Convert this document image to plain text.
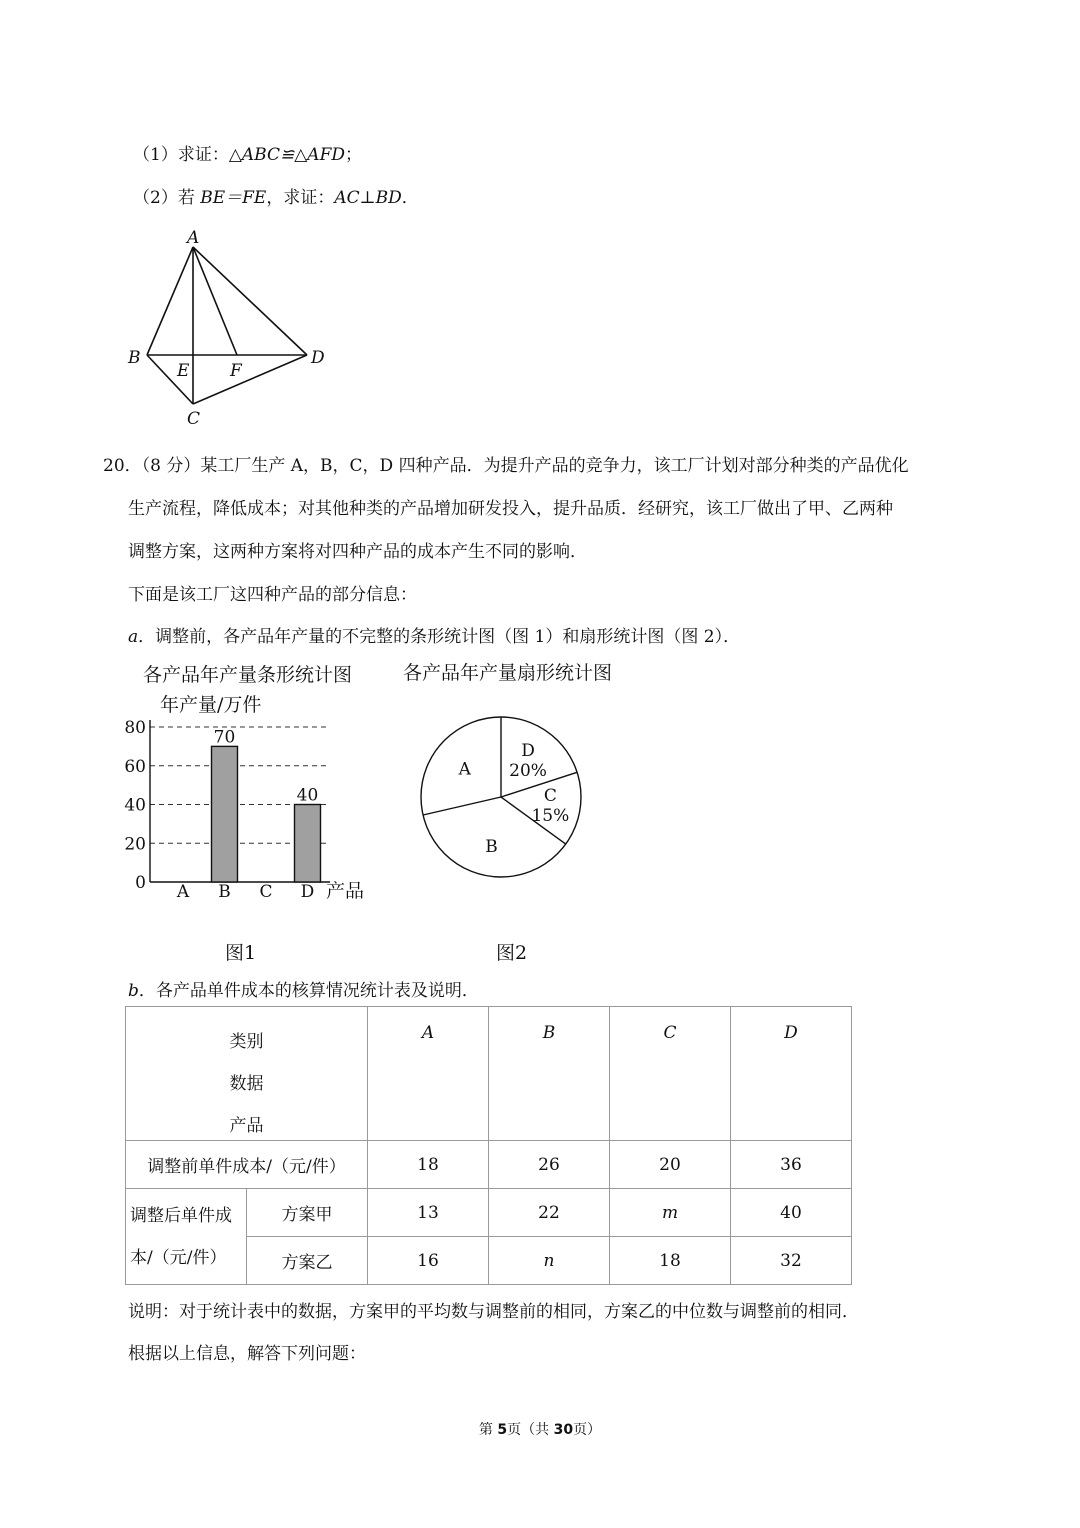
（1）求证：△ABC≌△AFD；
（2）若 BE＝FE，求证：AC⊥BD．
A
B
C
D
E F
20．（8 分）某工厂生产 A，B，C，D 四种产品．为提升产品的竞争力，该工厂计划对部分种类的产品优化
生产流程，降低成本；对其他种类的产品增加研发投入，提升品质．经研究，该工厂做出了甲、乙两种
调整方案，这两种方案将对四种产品的成本产生不同的影响．
下面是该工厂这四种产品的部分信息：
a．调整前，各产品年产量的不完整的条形统计图（图 1）和扇形统计图（图 2）．
各产品年产量条形统计图
年产量/万件
0
20
40
60
80
A B
70
C D
40
产品
图1
各产品年产量扇形统计图
D
20%
C
15%
B
A
图2
b．各产品单件成本的核算情况统计表及说明．
类别
数据
产品		A	B	C	D
调整前单件成本/（元/件）		18	26	20	36

调整后单件成
本/（元/件）	方案甲	13	22	m	40
	方案乙	16	n	18	32
说明：对于统计表中的数据，方案甲的平均数与调整前的相同，方案乙的中位数与调整前的相同．
根据以上信息，解答下列问题：
第 5页（共 30页）
